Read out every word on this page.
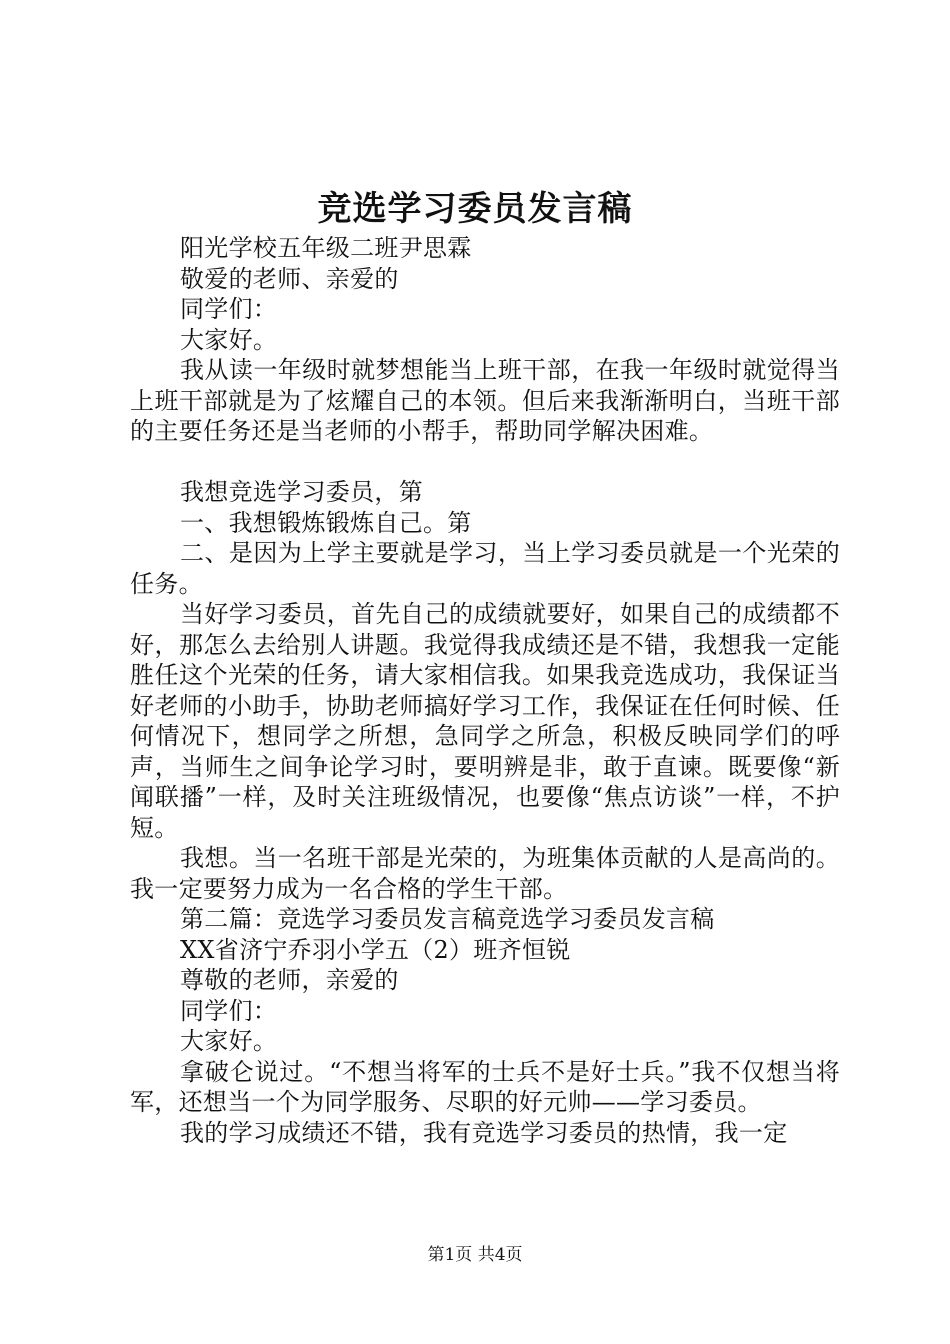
竞选学习委员发言稿

阳光学校五年级二班尹思霖

敬爱的老师、亲爱的

同学们：

大家好。

我从读一年级时就梦想能当上班干部，在我一年级时就觉得当上班干部就是为了炫耀自己的本领。但后来我渐渐明白，当班干部的主要任务还是当老师的小帮手，帮助同学解决困难。

我想竞选学习委员，第

一、我想锻炼锻炼自己。第

二、是因为上学主要就是学习，当上学习委员就是一个光荣的任务。

当好学习委员，首先自己的成绩就要好，如果自己的成绩都不好，那怎么去给别人讲题。我觉得我成绩还是不错，我想我一定能胜任这个光荣的任务，请大家相信我。如果我竞选成功，我保证当好老师的小助手，协助老师搞好学习工作，我保证在任何时候、任何情况下，想同学之所想，急同学之所急，积极反映同学们的呼声，当师生之间争论学习时，要明辨是非，敢于直谏。既要像“新闻联播”一样，及时关注班级情况，也要像“焦点访谈”一样，不护短。

我想。当一名班干部是光荣的，为班集体贡献的人是高尚的。我一定要努力成为一名合格的学生干部。

第二篇：竞选学习委员发言稿竞选学习委员发言稿

XX省济宁乔羽小学五（2）班齐恒锐

尊敬的老师，亲爱的

同学们：

大家好。

拿破仑说过。“不想当将军的士兵不是好士兵。”我不仅想当将军，还想当一个为同学服务、尽职的好元帅——学习委员。

我的学习成绩还不错，我有竞选学习委员的热情，我一定

第1页 共4页
